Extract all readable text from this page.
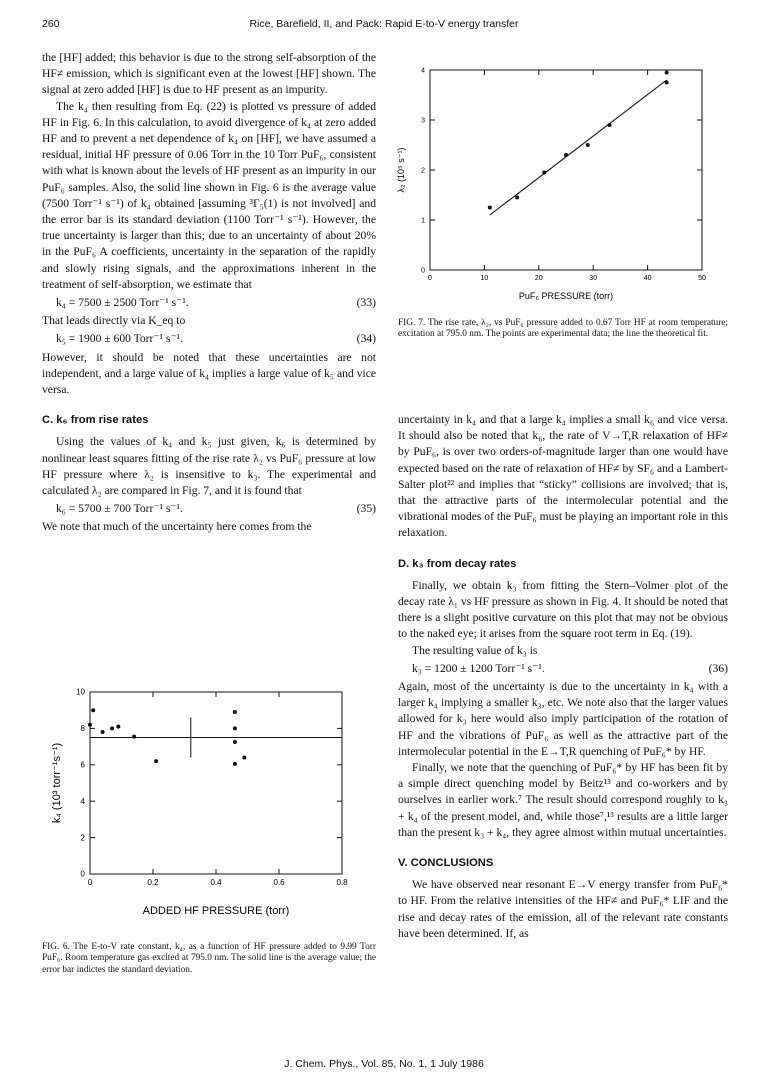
260	Rice, Barefield, II, and Pack: Rapid E-to-V energy transfer

the [HF] added; this behavior is due to the strong self-absorption of the HF≠ emission, which is significant even at the lowest [HF] shown. The signal at zero added [HF] is due to HF present as an impurity.

The k₄ then resulting from Eq. (22) is plotted vs pressure of added HF in Fig. 6. In this calculation, to avoid divergence of k₄ at zero added HF and to prevent a net dependence of k₄ on [HF], we have assumed a residual, initial HF pressure of 0.06 Torr in the 10 Torr PuF₆, consistent with what is known about the levels of HF present as an impurity in our PuF₆ samples. Also, the solid line shown in Fig. 6 is the average value (7500 Torr⁻¹ s⁻¹) of k₄ obtained [assuming ³Γ₅(1) is not involved] and the error bar is its standard deviation (1100 Torr⁻¹ s⁻¹). However, the true uncertainty is larger than this; due to an uncertainty of about 20% in the PuF₆ A coefficients, uncertainty in the separation of the rapidly and slowly rising signals, and the approximations inherent in the treatment of self-absorption, we estimate that

k₄ = 7500 ± 2500 Torr⁻¹ s⁻¹.	(33)

That leads directly via K_eq to

k₅ = 1900 ± 600 Torr⁻¹ s⁻¹.	(34)

However, it should be noted that these uncertainties are not independent, and a large value of k₄ implies a large value of k₅ and vice versa.

C. k₆ from rise rates

Using the values of k₄ and k₅ just given, k₆ is determined by nonlinear least squares fitting of the rise rate λ₂ vs PuF₆ pressure at low HF pressure where λ₂ is insensitive to k₃. The experimental and calculated λ₂ are compared in Fig. 7, and it is found that

k₆ = 5700 ± 700 Torr⁻¹ s⁻¹.	(35)

We note that much of the uncertainty here comes from the

0	10	20	30	40	50
0
1
2
3
4
PuF₆ PRESSURE (torr)
λ₂ (10⁵ s⁻¹)
FIG. 7. The rise rate, λ₂, vs PuF₆ pressure added to 0.67 Torr HF at room temperature; excitation at 795.0 nm. The points are experimental data; the line the theoretical fit.
0	0.2	0.4	0.6	0.8
0
2
4
6
8
10
ADDED HF PRESSURE (torr)
k₄ (10³ torr⁻¹s⁻¹)
FIG. 6. The E-to-V rate constant, k₄, as a function of HF pressure added to 9.99 Torr PuF₆. Room temperature gas excited at 795.0 nm. The solid line is the average value; the error bar indictes the standard deviation.

uncertainty in k₄ and that a large k₄ implies a small k₆ and vice versa. It should also be noted that k₆, the rate of V→T,R relaxation of HF≠ by PuF₆, is over two orders-of-magnitude larger than one would have expected based on the rate of relaxation of HF≠ by SF₆ and a Lambert-Salter plot²² and implies that “sticky” collisions are involved; that is, that the attractive parts of the intermolecular potential and the vibrational modes of the PuF₆ must be playing an important role in this relaxation.

D. k₃ from decay rates

Finally, we obtain k₃ from fitting the Stern–Volmer plot of the decay rate λ₁ vs HF pressure as shown in Fig. 4. It should be noted that there is a slight positive curvature on this plot that may not be obvious to the naked eye; it arises from the square root term in Eq. (19).

The resulting value of k₃ is

k₃ = 1200 ± 1200 Torr⁻¹ s⁻¹.	(36)

Again, most of the uncertainty is due to the uncertainty in k₄ with a larger k₄ implying a smaller k₃, etc. We note also that the larger values allowed for k₃ here would also imply participation of the rotation of HF and the vibrations of PuF₆ as well as the attractive part of the intermolecular potential in the E→T,R quenching of PuF₆* by HF.

Finally, we note that the quenching of PuF₆* by HF has been fit by a simple direct quenching model by Beitz¹³ and co-workers and by ourselves in earlier work.⁷ The result should correspond roughly to k₃ + k₄ of the present model, and, while those⁷,¹³ results are a little larger than the present k₃ + k₄, they agree almost within mutual uncertainties.

V. CONCLUSIONS

We have observed near resonant E→V energy transfer from PuF₆* to HF. From the relative intensities of the HF≠ and PuF₆* LIF and the rise and decay rates of the emission, all of the relevant rate constants have been determined. If, as

J. Chem. Phys., Vol. 85, No. 1, 1 July 1986
